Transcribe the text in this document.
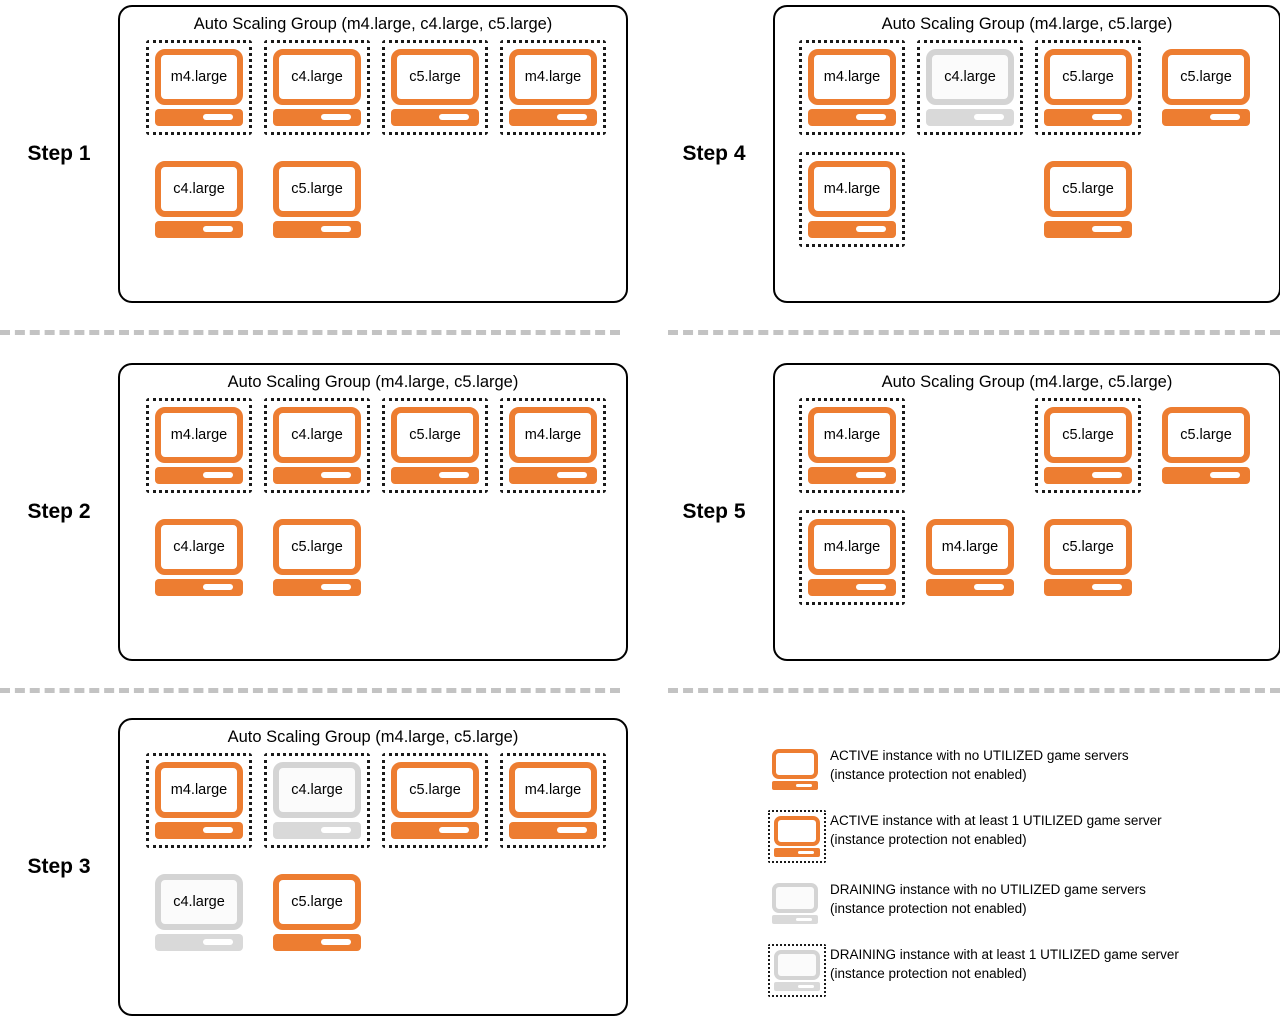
Step 1
Auto Scaling Group (m4.large, c4.large, c5.large)
m4.large	c4.large	c5.large	m4.large
c4.large	c5.large
Step 2
Auto Scaling Group (m4.large, c5.large)
m4.large	c4.large	c5.large	m4.large
c4.large	c5.large
Step 3
Auto Scaling Group (m4.large, c5.large)
m4.large	c4.large	c5.large	m4.large
c4.large	c5.large
Step 4
Auto Scaling Group (m4.large, c5.large)
m4.large	c4.large	c5.large	c5.large
m4.large	c5.large
Step 5
Auto Scaling Group (m4.large, c5.large)
m4.large	c5.large	c5.large
m4.large	m4.large	c5.large
ACTIVE instance with no UTILIZED game servers
(instance protection not enabled)
ACTIVE instance with at least 1 UTILIZED game server
(instance protection not enabled)
DRAINING instance with no UTILIZED game servers
(instance protection not enabled)
DRAINING instance with at least 1 UTILIZED game server
(instance protection not enabled)
